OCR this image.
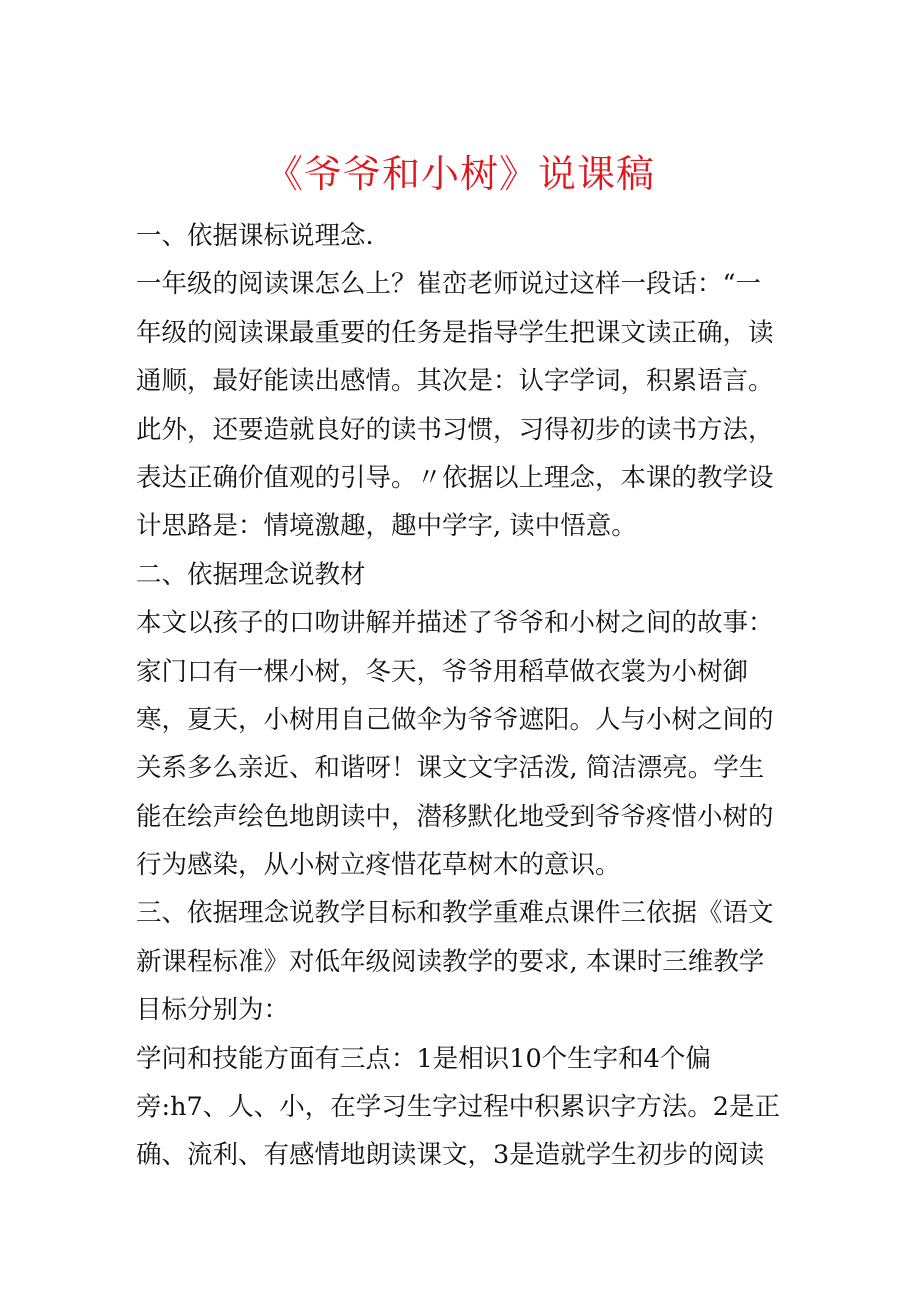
《爷爷和小树》说课稿
一、依据课标说理念.
一年级的阅读课怎么上？崔峦老师说过这样一段话：“一
年级的阅读课最重要的任务是指导学生把课文读正确，读
通顺，最好能读出感情。其次是：认字学词，积累语言。
此外，还要造就良好的读书习惯，习得初步的读书方法，
表达正确价值观的引导。〃依据以上理念，本课的教学设
计思路是：情境激趣，趣中学字, 读中悟意。
二、依据理念说教材
本文以孩子的口吻讲解并描述了爷爷和小树之间的故事：
家门口有一棵小树，冬天，爷爷用稻草做衣裳为小树御
寒，夏天，小树用自己做伞为爷爷遮阳。人与小树之间的
关系多么亲近、和谐呀！课文文字活泼, 简洁漂亮。学生
能在绘声绘色地朗读中，潜移默化地受到爷爷疼惜小树的
行为感染，从小树立疼惜花草树木的意识。
三、依据理念说教学目标和教学重难点课件三依据《语文
新课程标准》对低年级阅读教学的要求, 本课时三维教学
目标分别为：
学问和技能方面有三点：1是相识10个生字和4个偏
旁:h7、人、小，在学习生字过程中积累识字方法。2是正
确、流利、有感情地朗读课文，3是造就学生初步的阅读
